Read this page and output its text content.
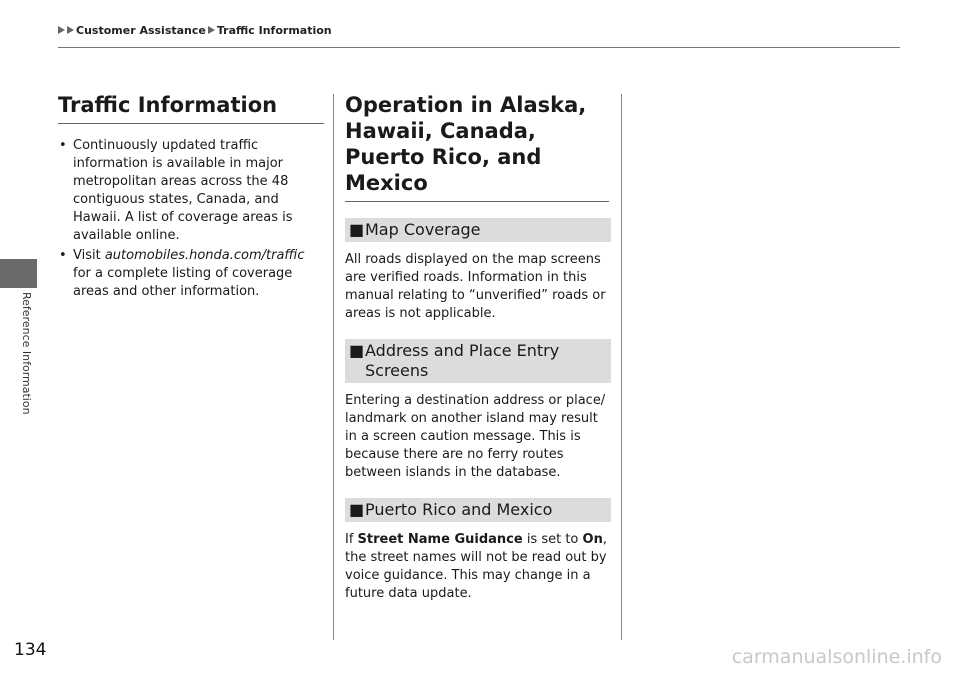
Customer Assistance Traffic Information
Reference Information
134
Traffic Information
• Continuously updated traffic information is available in major metropolitan areas across the 48 contiguous states, Canada, and Hawaii. A list of coverage areas is available online.
• Visit automobiles.honda.com/traffic for a complete listing of coverage areas and other information.
Operation in Alaska, Hawaii, Canada, Puerto Rico, and Mexico
■ Map Coverage

All roads displayed on the map screens are verified roads. Information in this manual relating to “unverified” roads or areas is not applicable.

■ Address and Place Entry Screens

Entering a destination address or place/ landmark on another island may result in a screen caution message. This is because there are no ferry routes between islands in the database.

■ Puerto Rico and Mexico

If Street Name Guidance is set to On, the street names will not be read out by voice guidance. This may change in a future data update.

carmanualsonline.info
